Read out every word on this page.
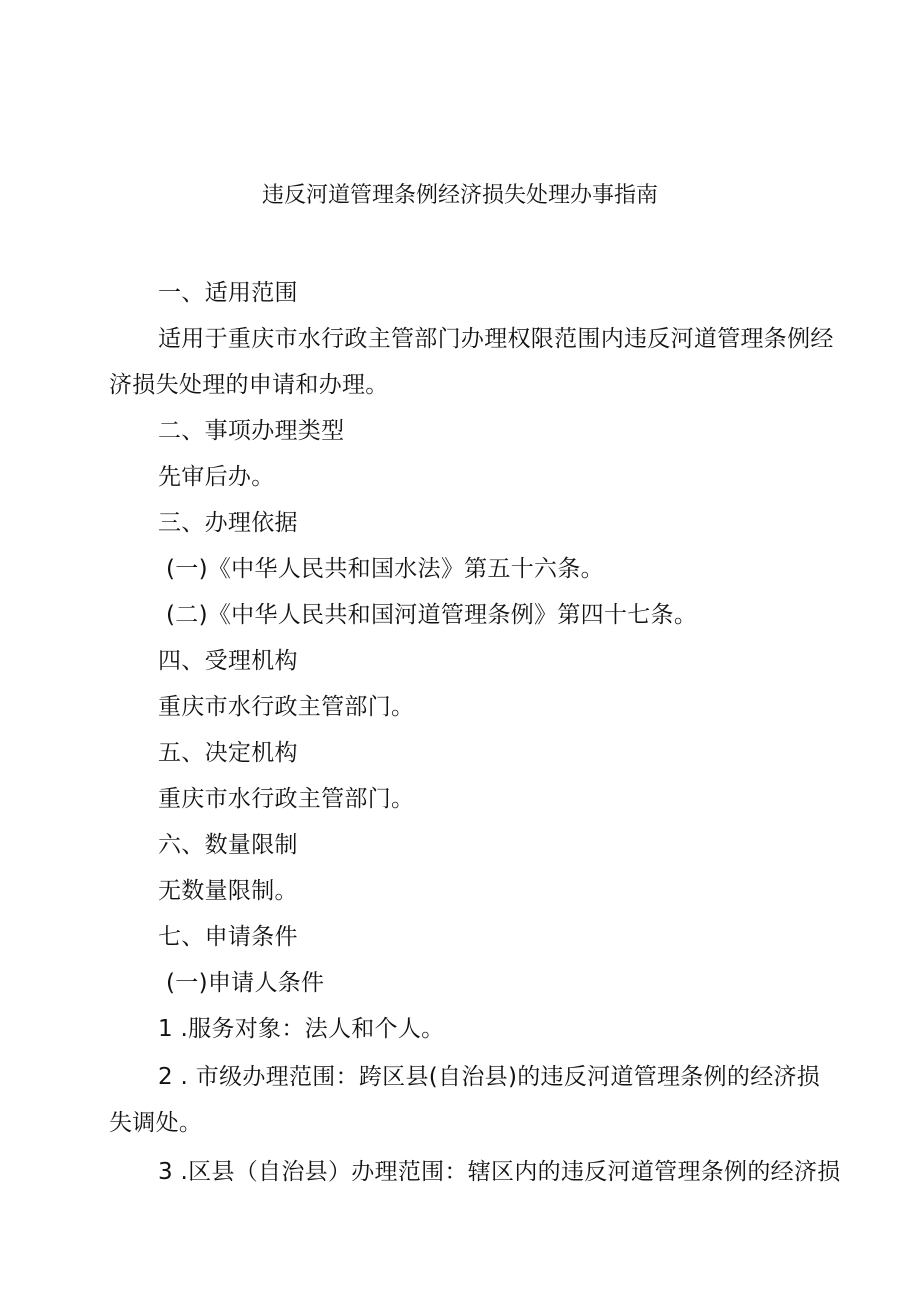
违反河道管理条例经济损失处理办事指南
一、适用范围
适用于重庆市水行政主管部门办理权限范围内违反河道管理条例经
济损失处理的申请和办理。
二、事项办理类型
先审后办。
三、办理依据
(一)《中华人民共和国水法》第五十六条。
(二)《中华人民共和国河道管理条例》第四十七条。
四、受理机构
重庆市水行政主管部门。
五、决定机构
重庆市水行政主管部门。
六、数量限制
无数量限制。
七、申请条件
(一)申请人条件
1 .服务对象：法人和个人。
2 . 市级办理范围：跨区县(自治县)的违反河道管理条例的经济损
失调处。
3 .区县（自治县）办理范围：辖区内的违反河道管理条例的经济损
